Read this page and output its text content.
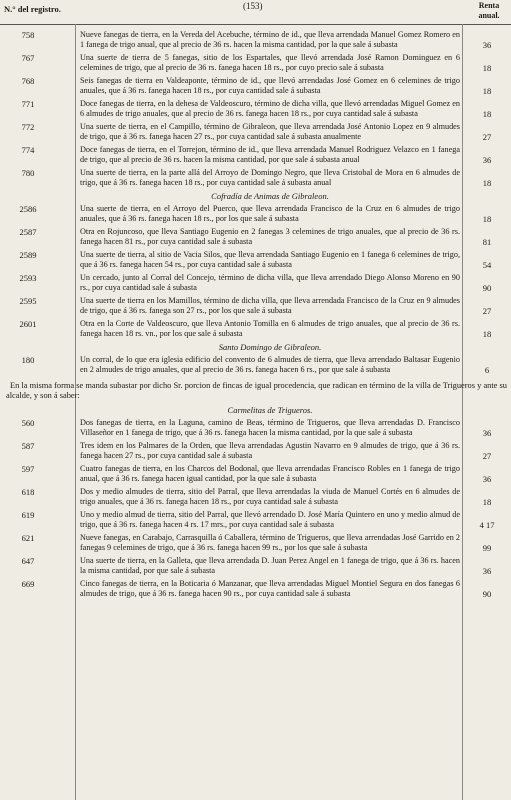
N.° del registro.	(153)	Renta anual.
758	Nueve fanegas de tierra, en la Vereda del Acebuche, término de id., que lleva arrendada Manuel Gomez Romero en 1 fanega de trigo anual, que al precio de 36 rs. hacen la misma cantidad, por la que sale á subasta	36
767	Una suerte de tierra de 5 fanegas, sitio de los Espartales, que llevó arrendada José Ramon Dominguez en 6 celemines de trigo, que al precio de 36 rs. fanega hacen 18 rs., por cuyo precio sale á subasta	18
768	Seis fanegas de tierra en Valdeaponte, término de id., que llevó arrendadas José Gomez en 6 celemines de trigo anuales, que á 36 rs. fanega hacen 18 rs., por cuya cantidad sale á subasta	18
771	Doce fanegas de tierra, en la dehesa de Valdeoscuro, término de dicha villa, que llevó arrendadas Miguel Gomez en 6 almudes de trigo anuales, que al precio de 36 rs. fanega hacen 18 rs., por cuya cantidad sale á subasta	18
772	Una suerte de tierra, en el Campillo, término de Gibraleon, que lleva arrendada José Antonio Lopez en 9 almudes de trigo, que á 36 rs. fanega hacen 27 rs., por cuya cantidad sale á subasta anualmente	27
774	Doce fanegas de tierra, en el Torrejon, término de id., que lleva arrendada Manuel Rodriguez Velazco en 1 fanega de trigo, que al precio de 36 rs. hacen la misma cantidad, por que sale á subasta anual	36
780	Una suerte de tierra, en la parte allá del Arroyo de Domingo Negro, que lleva Cristobal de Mora en 6 almudes de trigo, que á 36 rs. fanega hacen 18 rs., por cuya cantidad sale á subasta anual	18
Cofradía de Animas de Gibraleon.
2586	Una suerte de tierra, en el Arroyo del Puerco, que lleva arrendada Francisco de la Cruz en 6 almudes de trigo anuales, que á 36 rs. fanega hacen 18 rs., por los que sale á subasta	18
2587	Otra en Rojuncoso, que lleva Santiago Eugenio en 2 fanegas 3 celemines de trigo anuales, que al precio de 36 rs. fanega hacen 81 rs., por cuya cantidad sale á subasta	81
2589	Una suerte de tierra, al sitio de Vacia Silos, que lleva arrendada Santiago Eugenio en 1 fanega 6 celemines de trigo, que á 36 rs. fanega hacen 54 rs., por cuya cantidad sale á subasta	54
2593	Un cercado, junto al Corral del Concejo, término de dicha villa, que lleva arrendado Diego Alonso Moreno en 90 rs., por cuya cantidad sale á subasta	90
2595	Una suerte de tierra en los Mamillos, término de dicha villa, que lleva arrendada Francisco de la Cruz en 9 almudes de trigo, que á 36 rs. fanega son 27 rs., por los que sale á subasta	27
2601	Otra en la Corte de Valdeoscuro, que lleva Antonio Tomilla en 6 almudes de trigo anuales, que al precio de 36 rs. fanega hacen 18 rs. vn., por los que sale á subasta	18
Santo Domingo de Gibraleon.
180	Un corral, de lo que era iglesia edificio del convento de 6 almudes de tierra, que lleva arrendado Baltasar Eugenio en 2 almudes de trigo anuales, que al precio de 36 rs. fanega hacen 6 rs., por que sale á subasta	6
En la misma forma se manda subastar por dicho Sr. porcion de fincas de igual procedencia, que radican en término de la villa de Trigueros y ante su alcalde, y son á saber:
Carmelitas de Trigueros.
560	Dos fanegas de tierra, en la Laguna, camino de Beas, término de Trigueros, que lleva arrendadas D. Francisco Villaseñor en 1 fanega de trigo, que á 36 rs. fanega hacen la misma cantidad, por la que sale á subasta	36
587	Tres idem en los Palmares de la Orden, que lleva arrendadas Agustin Navarro en 9 almudes de trigo, que á 36 rs. fanega hacen 27 rs., por cuya cantidad sale á subasta	27
597	Cuatro fanegas de tierra, en los Charcos del Bodonal, que lleva arrendadas Francisco Robles en 1 fanega de trigo anual, que á 36 rs. fanega hacen igual cantidad, por la que sale á subasta	36
618	Dos y medio almudes de tierra, sitio del Parral, que lleva arrendadas la viuda de Manuel Cortés en 6 almudes de trigo anuales, que á 36 rs. fanega hacen 18 rs., por cuya cantidad sale á subasta	18
619	Uno y medio almud de tierra, sitio del Parral, que llevó arrendado D. José María Quintero en uno y medio almud de trigo, que á 36 rs. fanega hacen 4 rs. 17 mrs., por cuya cantidad sale á subasta	4 17
621	Nueve fanegas, en Carabajo, Carrasquilla ó Caballera, término de Trigueros, que lleva arrendadas José Garrido en 2 fanegas 9 celemines de trigo, que á 36 rs. fanega hacen 99 rs., por los que sale á subasta	99
647	Una suerte de tierra, en la Galleta, que lleva arrendada D. Juan Perez Angel en 1 fanega de trigo, que á 36 rs. hacen la misma cantidad, por que sale á subasta	36
669	Cinco fanegas de tierra, en la Boticaria ó Manzanar, que lleva arrendadas Miguel Montiel Segura en dos fanegas 6 almudes de trigo, que á 36 rs. fanega hacen 90 rs., por cuya cantidad sale á subasta	90
